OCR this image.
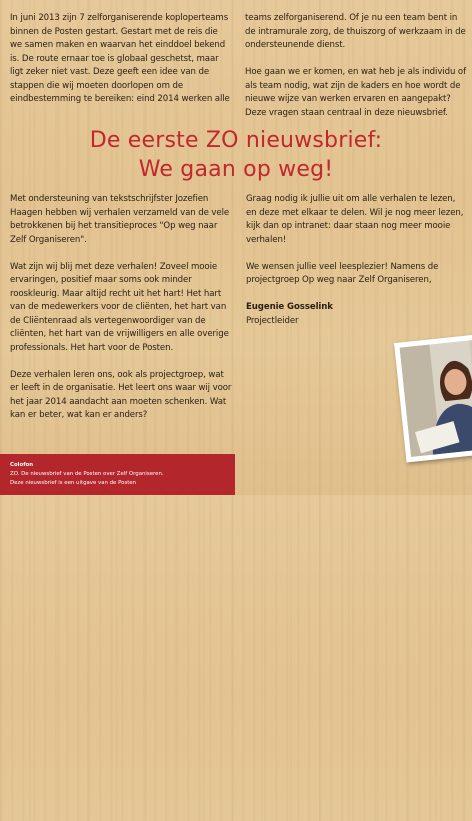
In juni 2013 zijn 7 zelforganiserende koploperteams binnen de Posten gestart. Gestart met de reis die we samen maken en waarvan het einddoel bekend is. De route ernaar toe is globaal geschetst, maar ligt zeker niet vast. Deze geeft een idee van de stappen die wij moeten doorlopen om de eindbestemming te bereiken: eind 2014 werken alle

teams zelforganiserend. Of je nu een team bent in de intramurale zorg, de thuiszorg of werkzaam in de ondersteunende dienst.

Hoe gaan we er komen, en wat heb je als individu of als team nodig, wat zijn de kaders en hoe wordt de nieuwe wijze van werken ervaren en aangepakt? Deze vragen staan centraal in deze nieuwsbrief.

De eerste ZO nieuwsbrief:
We gaan op weg!

Met ondersteuning van tekstschrijfster Jozefien Haagen hebben wij verhalen verzameld van de vele betrokkenen bij het transitieproces "Op weg naar Zelf Organiseren".

Wat zijn wij blij met deze verhalen! Zoveel mooie ervaringen, positief maar soms ook minder rooskleurig. Maar altijd recht uit het hart! Het hart van de medewerkers voor de cliënten, het hart van de Cliëntenraad als vertegenwoordiger van de cliënten, het hart van de vrijwilligers en alle overige professionals. Het hart voor de Posten.

Deze verhalen leren ons, ook als projectgroep, wat er leeft in de organisatie. Het leert ons waar wij voor het jaar 2014 aandacht aan moeten schenken. Wat kan er beter, wat kan er anders?

Graag nodig ik jullie uit om alle verhalen te lezen, en deze met elkaar te delen. Wil je nog meer lezen, kijk dan op intranet: daar staan nog meer mooie verhalen!

We wensen jullie veel leesplezier! Namens de projectgroep Op weg naar Zelf Organiseren,

Eugenie Gosselink
Projectleider
Colofon
ZO. De nieuwsbrief van de Posten over Zelf Organiseren.
Deze nieuwsbrief is een uitgave van de Posten
